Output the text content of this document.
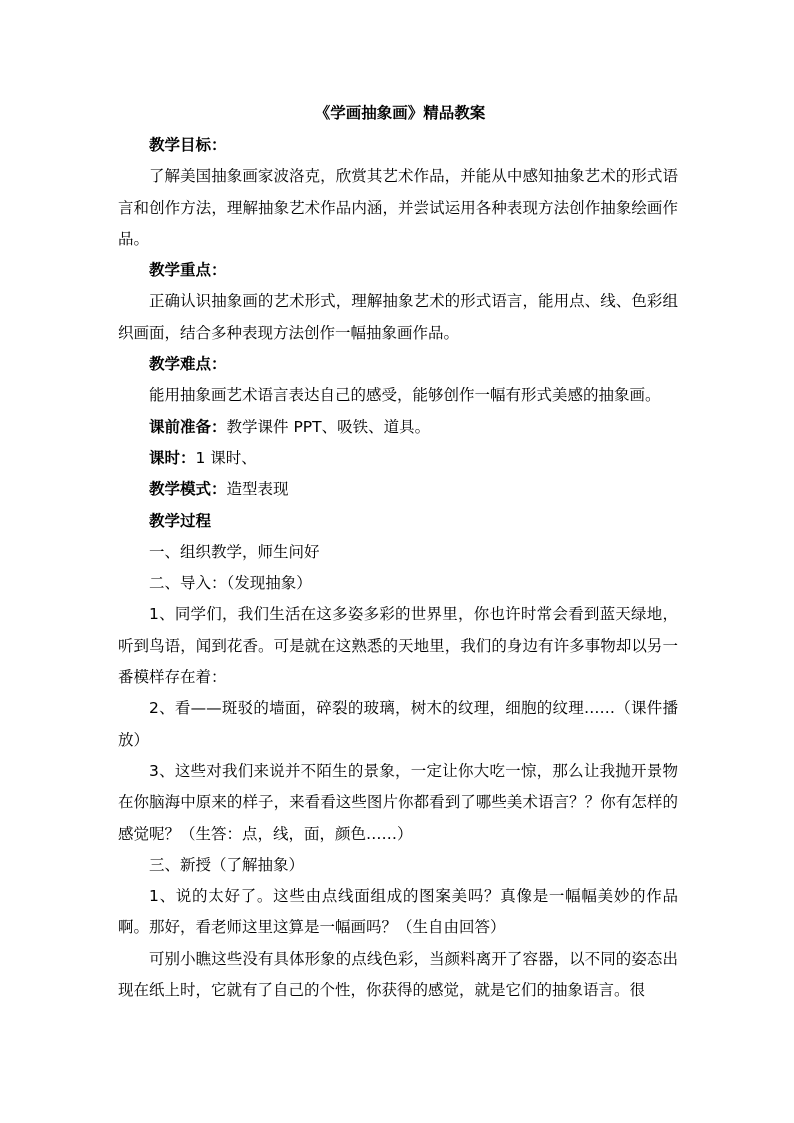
《学画抽象画》精品教案

教学目标：

了解美国抽象画家波洛克，欣赏其艺术作品，并能从中感知抽象艺术的形式语言和创作方法，理解抽象艺术作品内涵，并尝试运用各种表现方法创作抽象绘画作品。

教学重点：

正确认识抽象画的艺术形式，理解抽象艺术的形式语言，能用点、线、色彩组织画面，结合多种表现方法创作一幅抽象画作品。

教学难点：

能用抽象画艺术语言表达自己的感受，能够创作一幅有形式美感的抽象画。

课前准备：教学课件 PPT、吸铁、道具。

课时：1 课时、

教学模式：造型表现

教学过程

一、组织教学，师生问好

二、导入：（发现抽象）

1、同学们，我们生活在这多姿多彩的世界里，你也许时常会看到蓝天绿地，听到鸟语，闻到花香。可是就在这熟悉的天地里，我们的身边有许多事物却以另一番模样存在着：

2、看——斑驳的墙面，碎裂的玻璃，树木的纹理，细胞的纹理……（课件播放）

3、这些对我们来说并不陌生的景象，一定让你大吃一惊，那么让我抛开景物在你脑海中原来的样子，来看看这些图片你都看到了哪些美术语言？？你有怎样的感觉呢？（生答：点，线，面，颜色……）

三、新授（了解抽象）

1、说的太好了。这些由点线面组成的图案美吗？真像是一幅幅美妙的作品啊。那好，看老师这里这算是一幅画吗？（生自由回答）

可别小瞧这些没有具体形象的点线色彩，当颜料离开了容器，以不同的姿态出现在纸上时，它就有了自己的个性，你获得的感觉，就是它们的抽象语言。很
